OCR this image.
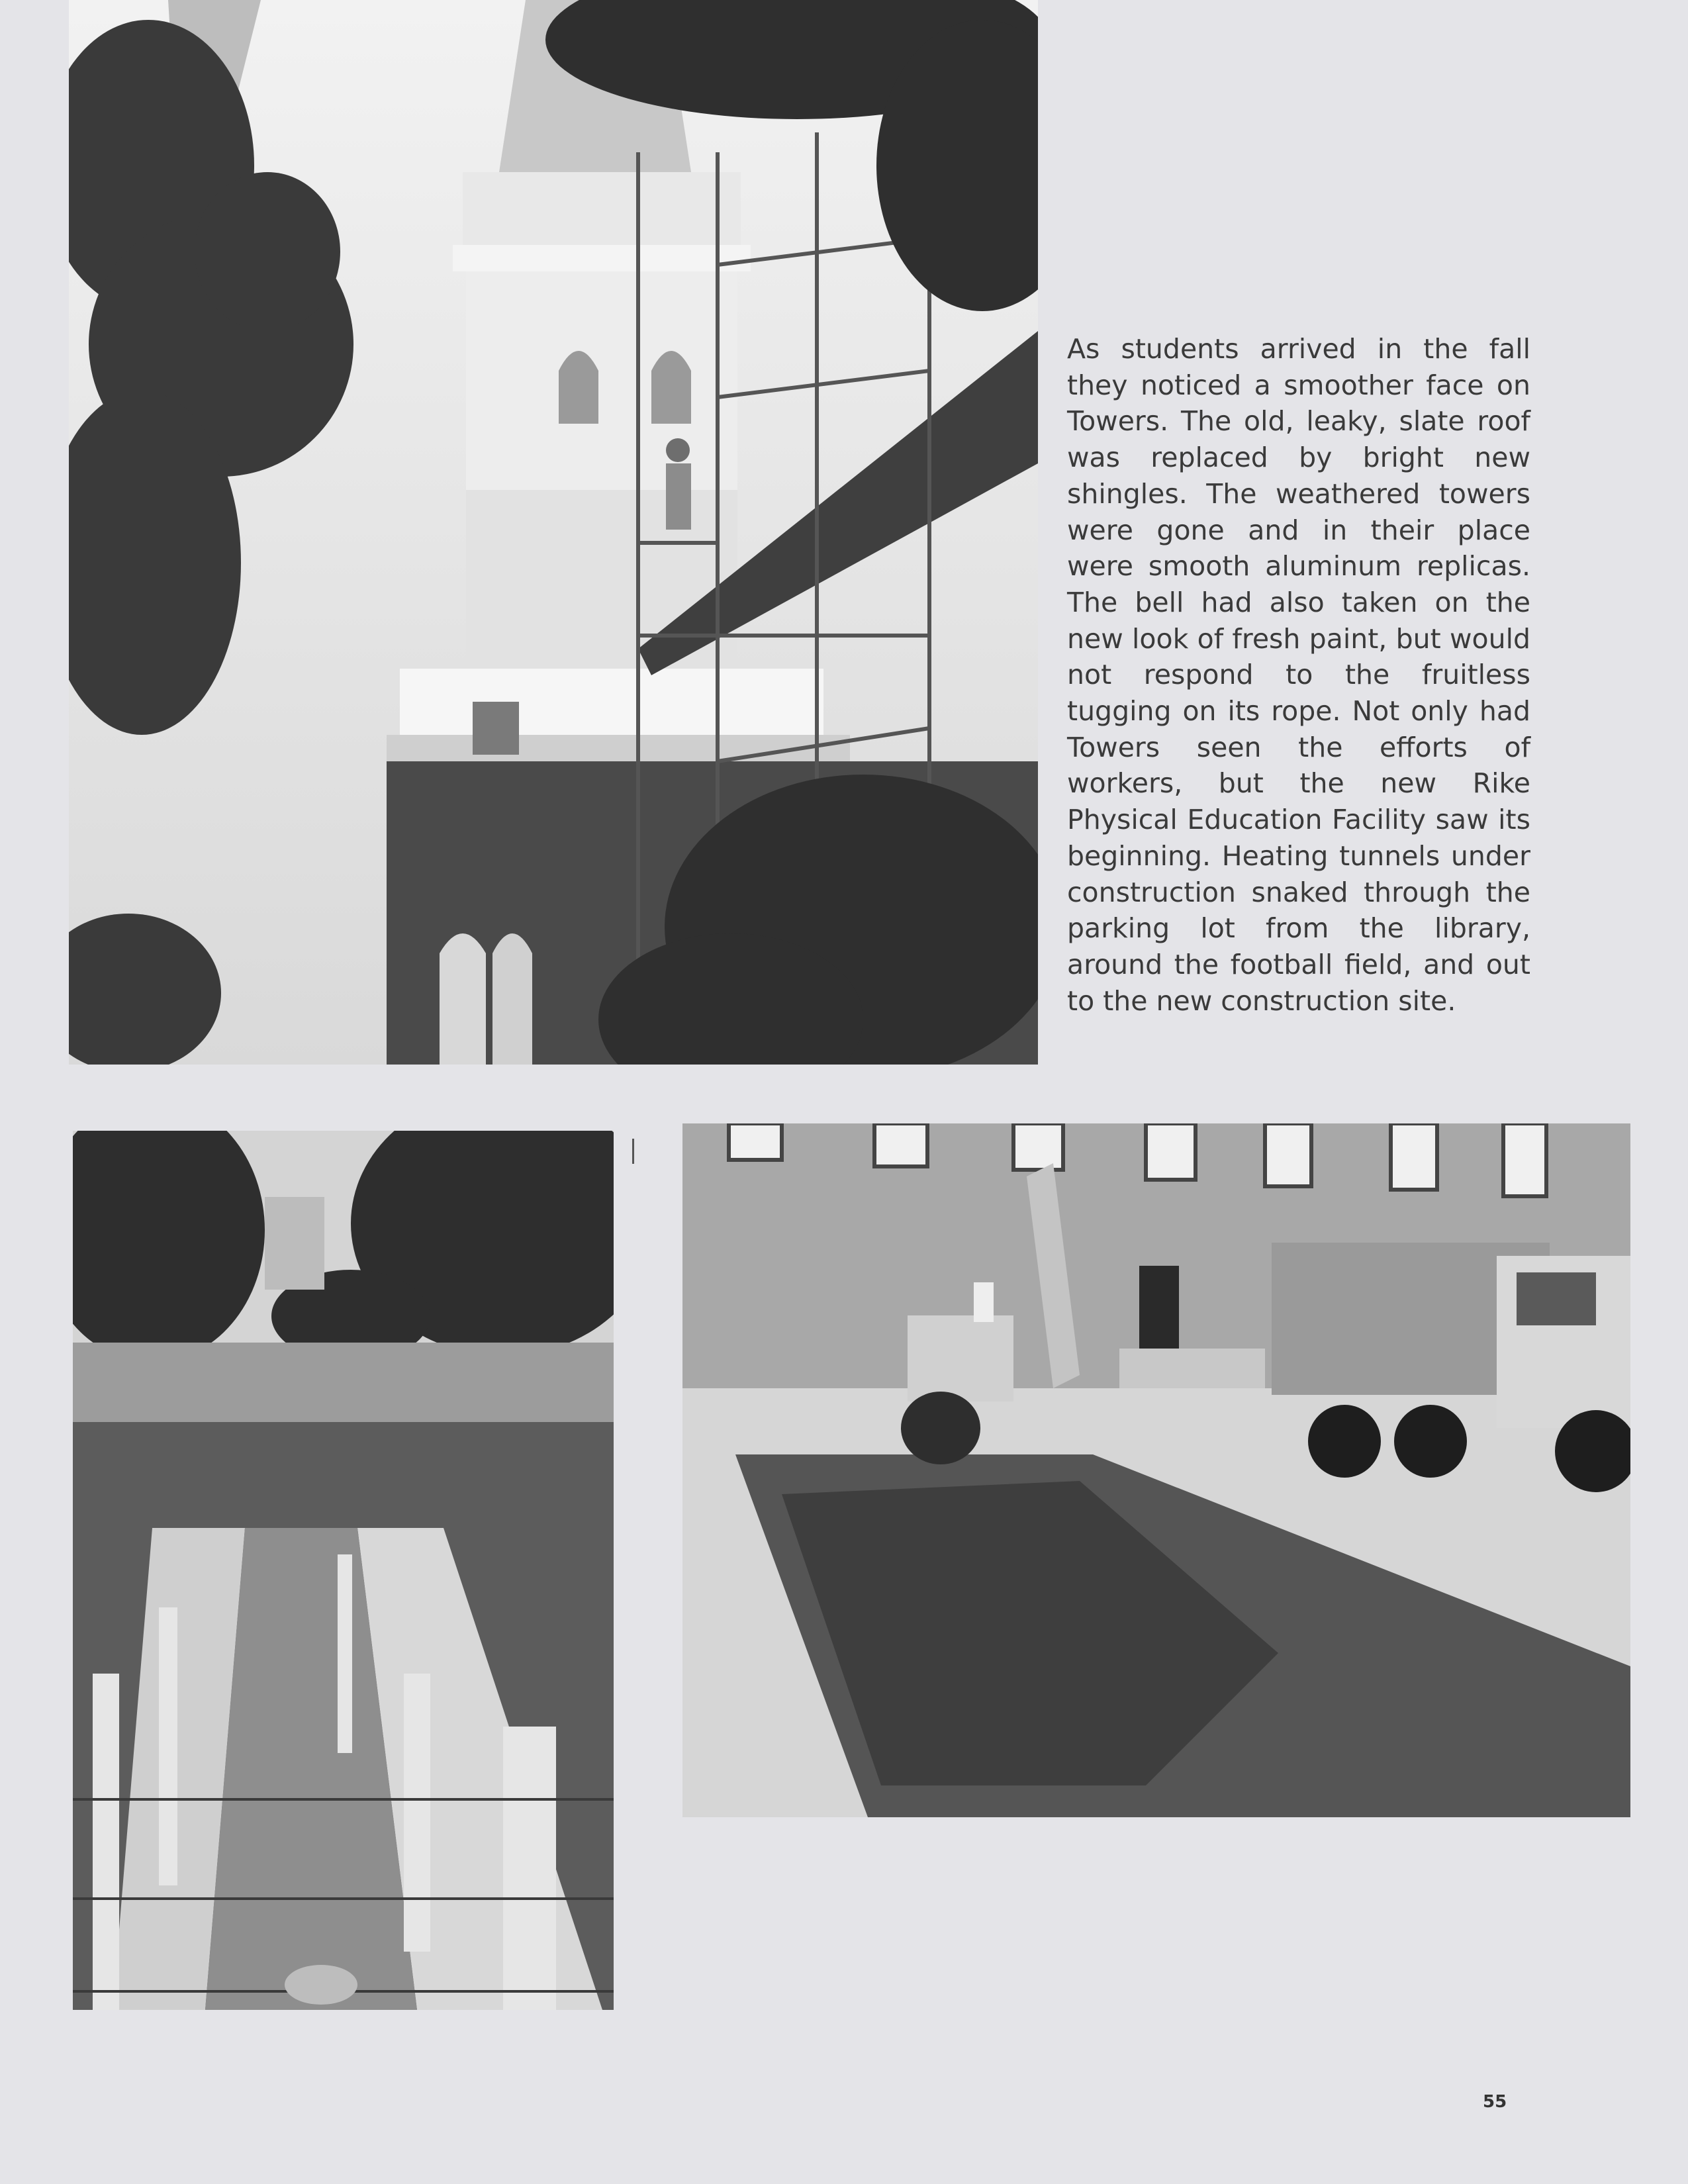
As students arrived in the fall they noticed a smoother face on Towers. The old, leaky, slate roof was replaced by bright new shingles. The weathered towers were gone and in their place were smooth aluminum replicas. The bell had also taken on the new look of fresh paint, but would not respond to the fruitless tugging on its rope. Not only had Towers seen the efforts of workers, but the new Rike Physical Education Facility saw its beginning. Heating tunnels under construction snaked through the parking lot from the library, around the football field, and out to the new construction site.

55
